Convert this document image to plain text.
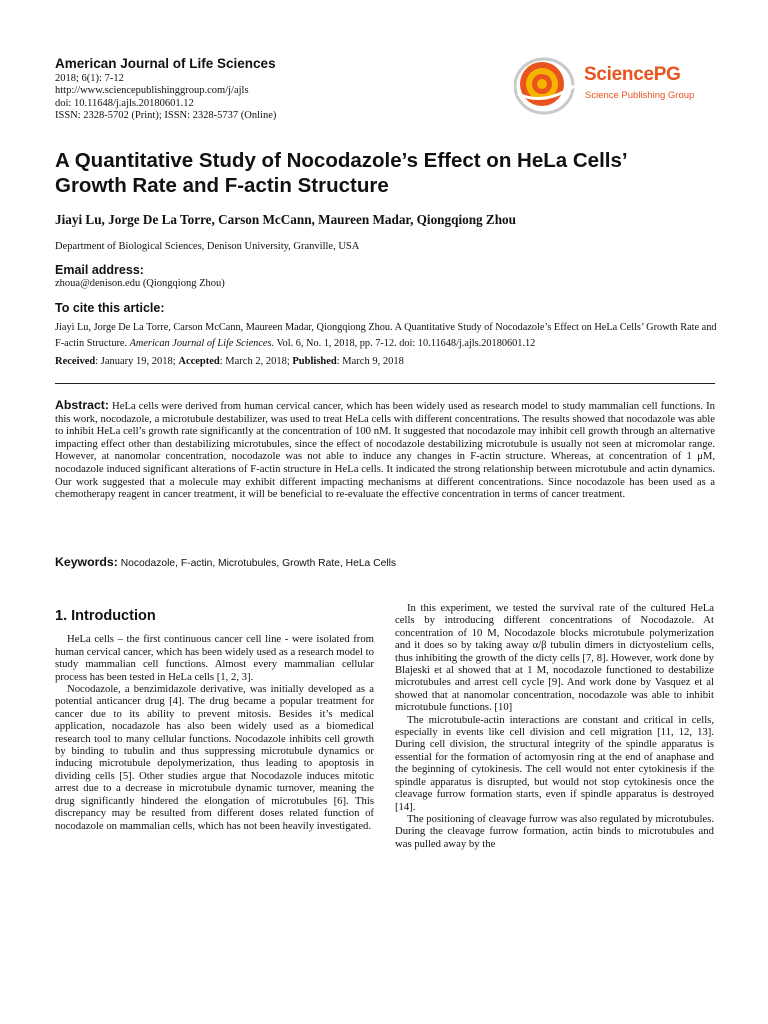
American Journal of Life Sciences
2018; 6(1): 7-12
http://www.sciencepublishinggroup.com/j/ajls
doi: 10.11648/j.ajls.20180601.12
ISSN: 2328-5702 (Print); ISSN: 2328-5737 (Online)
SciencePG
Science Publishing Group
A Quantitative Study of Nocodazole’s Effect on HeLa Cells’
Growth Rate and F-actin Structure
Jiayi Lu, Jorge De La Torre, Carson McCann, Maureen Madar, Qiongqiong Zhou
Department of Biological Sciences, Denison University, Granville, USA
Email address:
zhoua@denison.edu (Qiongqiong Zhou)
To cite this article:
Jiayi Lu, Jorge De La Torre, Carson McCann, Maureen Madar, Qiongqiong Zhou. A Quantitative Study of Nocodazole’s Effect on HeLa Cells’ Growth Rate and F-actin Structure. American Journal of Life Sciences. Vol. 6, No. 1, 2018, pp. 7-12. doi: 10.11648/j.ajls.20180601.12
Received: January 19, 2018; Accepted: March 2, 2018; Published: March 9, 2018
Abstract: HeLa cells were derived from human cervical cancer, which has been widely used as research model to study mammalian cell functions. In this work, nocodazole, a microtubule destabilizer, was used to treat HeLa cells with different concentrations. The results showed that nocodazole was able to inhibit HeLa cell’s growth rate significantly at the concentration of 100 nM. It suggested that nocodazole may inhibit cell growth through an alternative impacting effect other than destabilizing microtubules, since the effect of nocodazole destabilizing microtubule is usually not seen at micromolar range. However, at nanomolar concentration, nocodazole was not able to induce any changes in F-actin structure. Whereas, at concentration of 1 μM, nocodazole induced significant alterations of F-actin structure in HeLa cells. It indicated the strong relationship between microtubule and actin dynamics. Our work suggested that a molecule may exhibit different impacting mechanisms at different concentrations. Since nocodazole has been used as a chemotherapy reagent in cancer treatment, it will be beneficial to re-evaluate the effective concentration in terms of cancer treatment.
Keywords: Nocodazole, F-actin, Microtubules, Growth Rate, HeLa Cells
1. Introduction

HeLa cells – the first continuous cancer cell line - were isolated from human cervical cancer, which has been widely used as a research model to study mammalian cell functions. Almost every mammalian cellular process has been tested in HeLa cells [1, 2, 3].

Nocodazole, a benzimidazole derivative, was initially developed as a potential anticancer drug [4]. The drug became a popular treatment for cancer due to its ability to prevent mitosis. Besides it’s medical application, nocadazole has also been widely used as a biomedical research tool to many cellular functions. Nocodazole inhibits cell growth by binding to tubulin and thus suppressing microtubule dynamics or inducing microtubule depolymerization, thus leading to apoptosis in dividing cells [5]. Other studies argue that Nocodazole induces mitotic arrest due to a decrease in microtubule dynamic turnover, meaning the drug significantly hindered the elongation of microtubules [6]. This discrepancy may be resulted from different doses related function of nocodazole on mammalian cells, which has not been heavily investigated.

In this experiment, we tested the survival rate of the cultured HeLa cells by introducing different concentrations of Nocodazole. At concentration of 10 M, Nocodazole blocks microtubule polymerization and it does so by taking away α/β tubulin dimers in dictyostelium cells, thus inhibiting the growth of the dicty cells [7, 8]. However, work done by Blajeski et al showed that at 1 M, nocodazole functioned to destabilize microtubules and arrest cell cycle [9]. And work done by Vasquez et al showed that at nanomolar concentration, nocodazole was able to inhibit microtubule functions. [10]

The microtubule-actin interactions are constant and critical in cells, especially in events like cell division and cell migration [11, 12, 13]. During cell division, the structural integrity of the spindle apparatus is essential for the formation of actomyosin ring at the end of anaphase and the beginning of cytokinesis. The cell would not enter cytokinesis if the spindle apparatus is disrupted, but would not stop cytokinesis once the cleavage furrow formation starts, even if spindle apparatus is destroyed [14].

The positioning of cleavage furrow was also regulated by microtubules. During the cleavage furrow formation, actin binds to microtubules and was pulled away by the
